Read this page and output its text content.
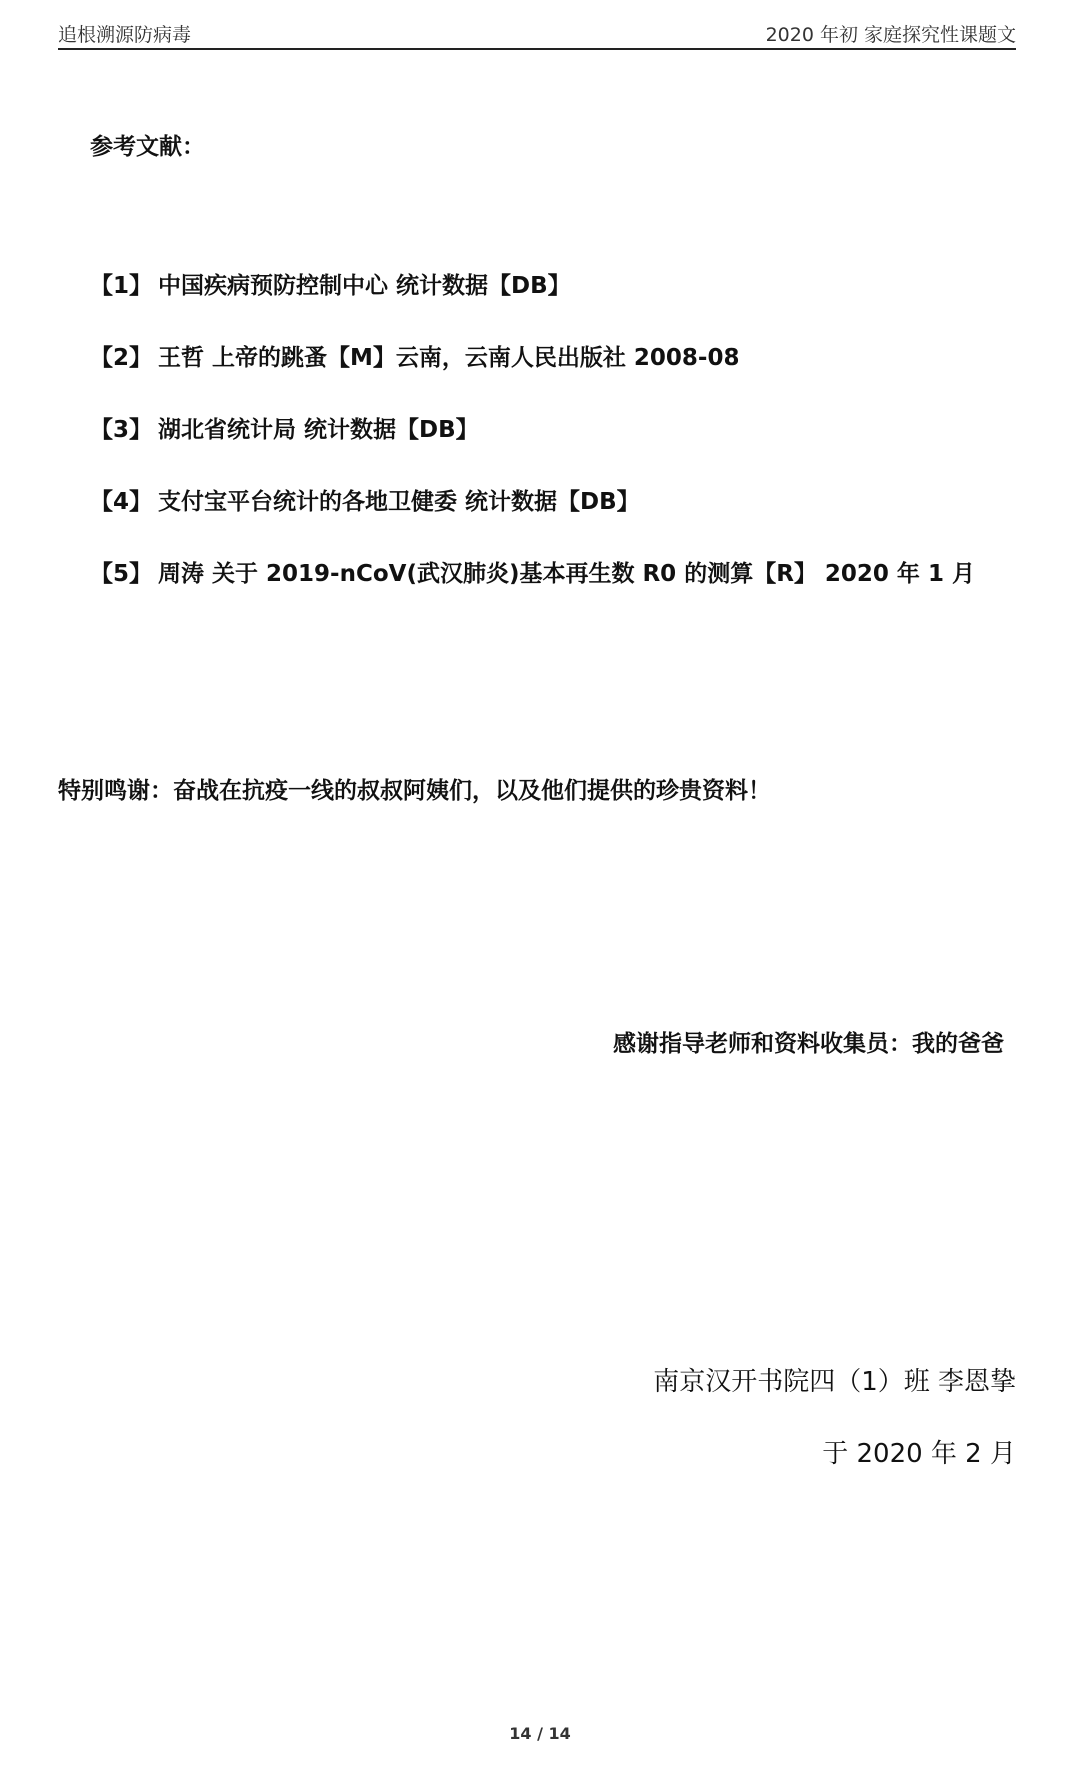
追根溯源防病毒	2020 年初 家庭探究性课题文
参考文献：
【1】 中国疾病预防控制中心 统计数据【DB】
【2】 王哲 上帝的跳蚤【M】云南，云南人民出版社 2008-08
【3】 湖北省统计局 统计数据【DB】
【4】 支付宝平台统计的各地卫健委 统计数据【DB】
【5】 周涛 关于 2019-nCoV(武汉肺炎)基本再生数 R0 的测算【R】 2020 年 1 月
特别鸣谢：奋战在抗疫一线的叔叔阿姨们，以及他们提供的珍贵资料！
感谢指导老师和资料收集员：我的爸爸
南京汉开书院四（1）班 李恩挚
于 2020 年 2 月
14 / 14
